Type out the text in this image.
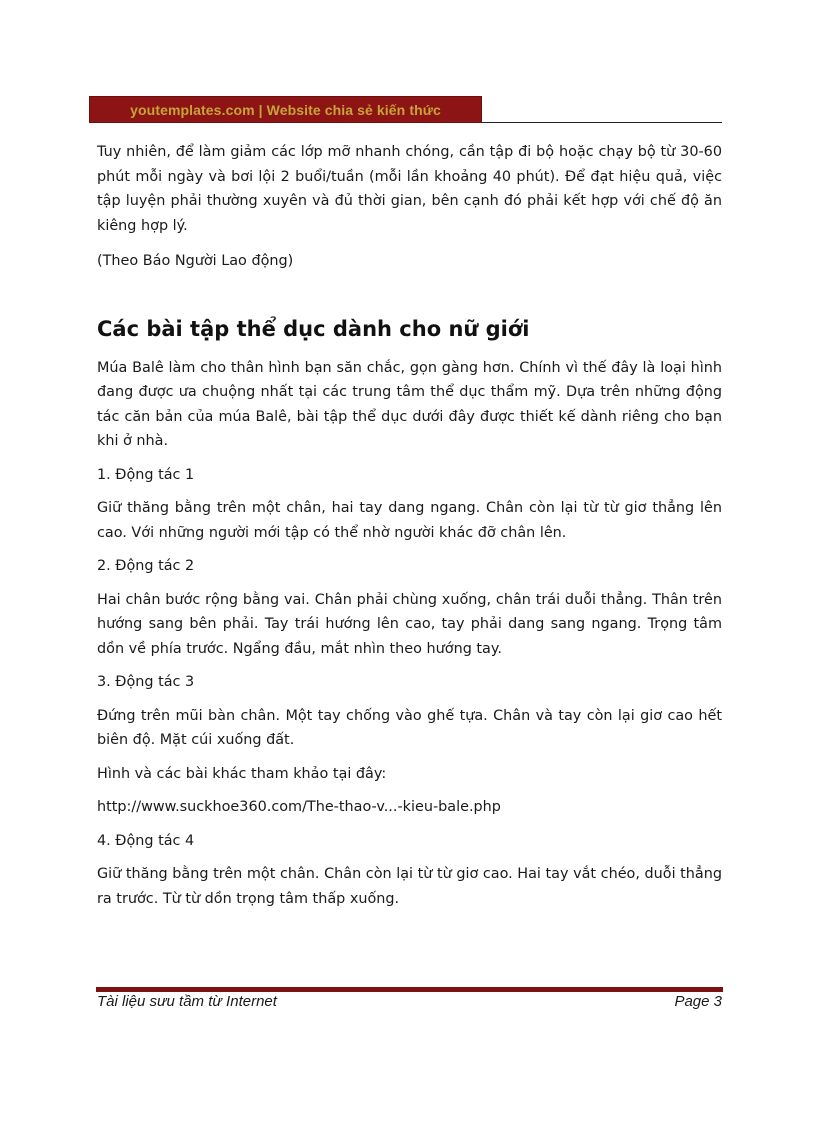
youtemplates.com | Website chia sẻ kiến thức

Tuy nhiên, để làm giảm các lớp mỡ nhanh chóng, cần tập đi bộ hoặc chạy bộ từ 30-60 phút mỗi ngày và bơi lội 2 buổi/tuần (mỗi lần khoảng 40 phút). Để đạt hiệu quả, việc tập luyện phải thường xuyên và đủ thời gian, bên cạnh đó phải kết hợp với chế độ ăn kiêng hợp lý.

(Theo Báo Người Lao động)

Các bài tập thể dục dành cho nữ giới

Múa Balê làm cho thân hình bạn săn chắc, gọn gàng hơn. Chính vì thế đây là loại hình đang được ưa chuộng nhất tại các trung tâm thể dục thẩm mỹ. Dựa trên những động tác căn bản của múa Balê, bài tập thể dục dưới đây được thiết kế dành riêng cho bạn khi ở nhà.

1. Động tác 1

Giữ thăng bằng trên một chân, hai tay dang ngang. Chân còn lại từ từ giơ thẳng lên cao. Với những người mới tập có thể nhờ người khác đỡ chân lên.

2. Động tác 2

Hai chân bước rộng bằng vai. Chân phải chùng xuống, chân trái duỗi thẳng. Thân trên hướng sang bên phải. Tay trái hướng lên cao, tay phải dang sang ngang. Trọng tâm dồn về phía trước. Ngẩng đầu, mắt nhìn theo hướng tay.

3. Động tác 3

Đứng trên mũi bàn chân. Một tay chống vào ghế tựa. Chân và tay còn lại giơ cao hết biên độ. Mặt cúi xuống đất.

Hình và các bài khác tham khảo tại đây:

http://www.suckhoe360.com/The-thao-v...-kieu-bale.php

4. Động tác 4

Giữ thăng bằng trên một chân. Chân còn lại từ từ giơ cao. Hai tay vắt chéo, duỗi thẳng ra trước. Từ từ dồn trọng tâm thấp xuống.

Tài liệu sưu tầm từ Internet	Page 3
